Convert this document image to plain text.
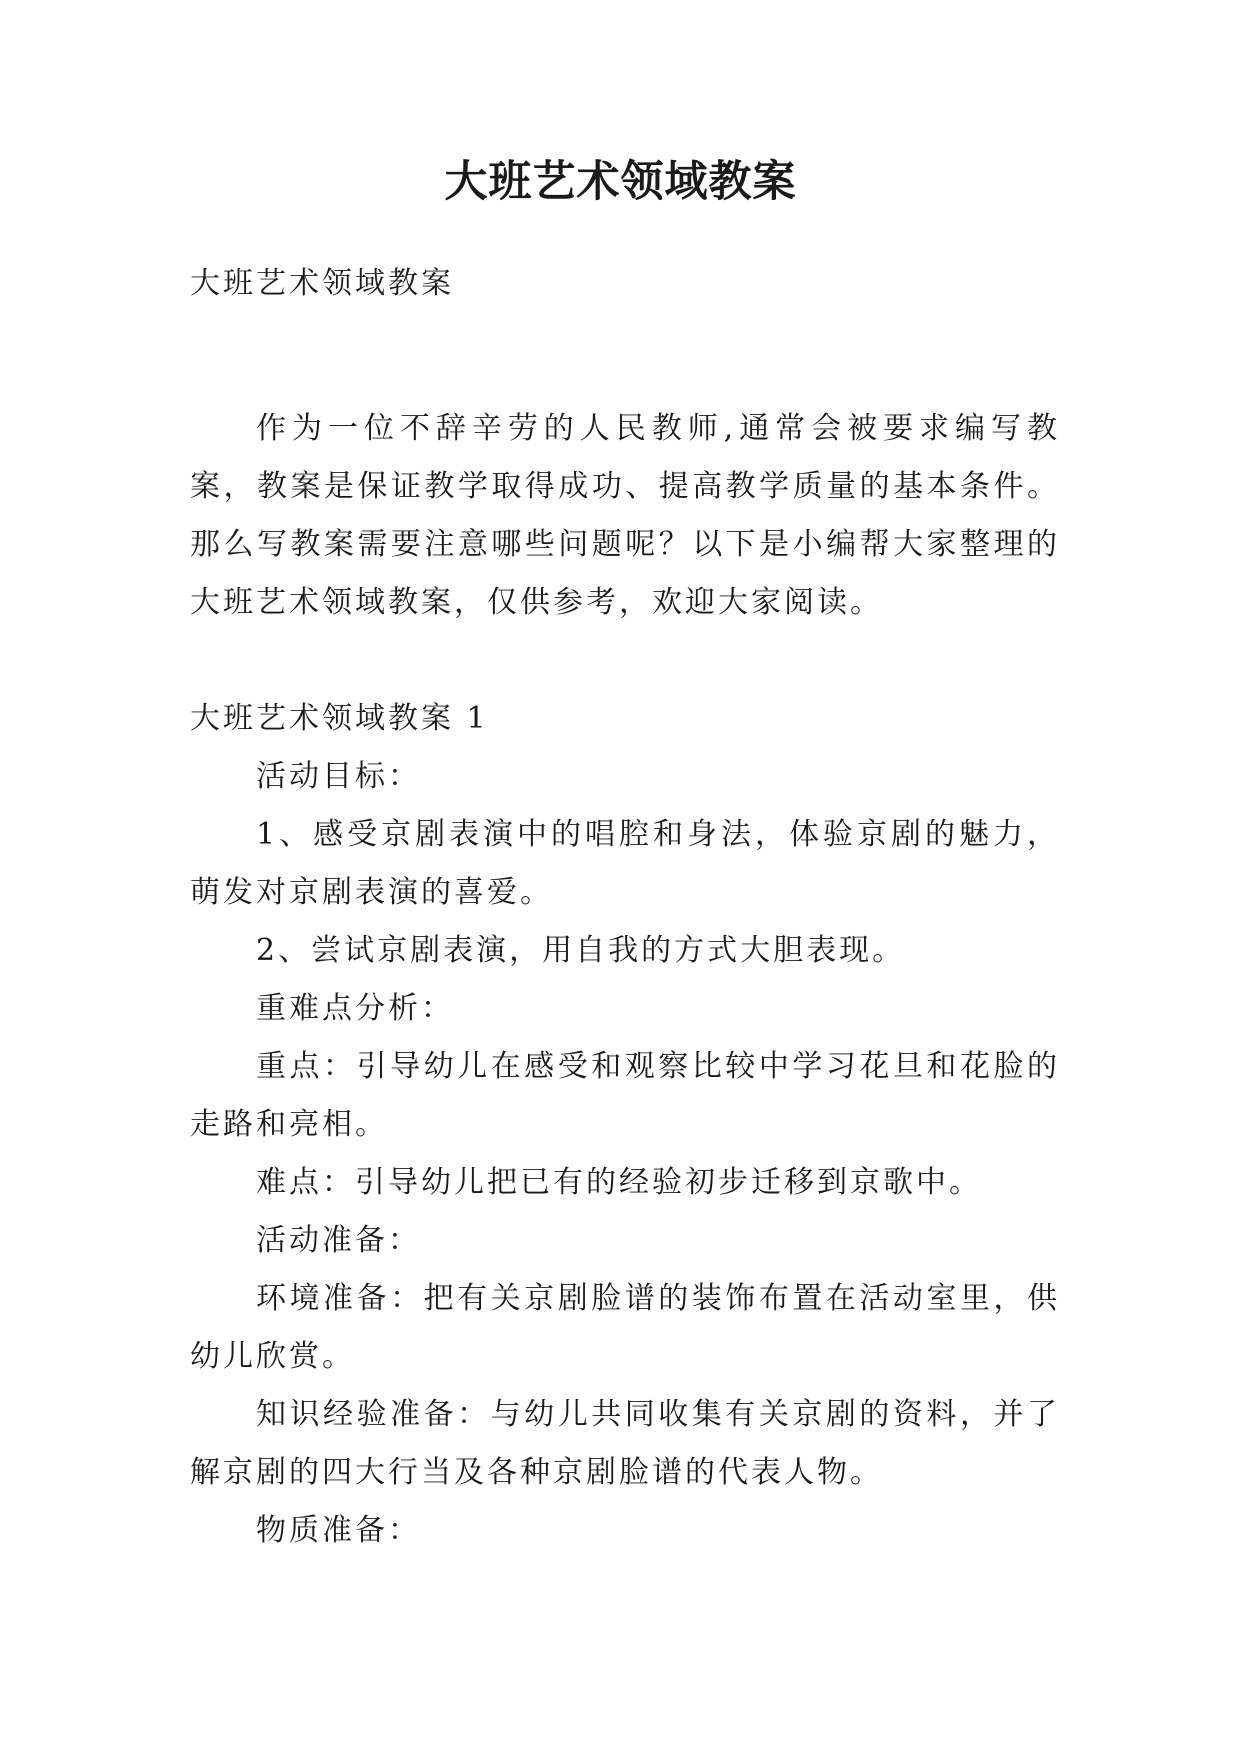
大班艺术领域教案

大班艺术领域教案

作为一位不辞辛劳的人民教师,通常会被要求编写教案，教案是保证教学取得成功、提高教学质量的基本条件。那么写教案需要注意哪些问题呢？以下是小编帮大家整理的大班艺术领域教案，仅供参考，欢迎大家阅读。

大班艺术领域教案 1

活动目标：

1、感受京剧表演中的唱腔和身法，体验京剧的魅力，萌发对京剧表演的喜爱。

2、尝试京剧表演，用自我的方式大胆表现。

重难点分析：

重点：引导幼儿在感受和观察比较中学习花旦和花脸的走路和亮相。

难点：引导幼儿把已有的经验初步迁移到京歌中。

活动准备：

环境准备：把有关京剧脸谱的装饰布置在活动室里，供幼儿欣赏。

知识经验准备：与幼儿共同收集有关京剧的资料，并了解京剧的四大行当及各种京剧脸谱的代表人物。

物质准备：
